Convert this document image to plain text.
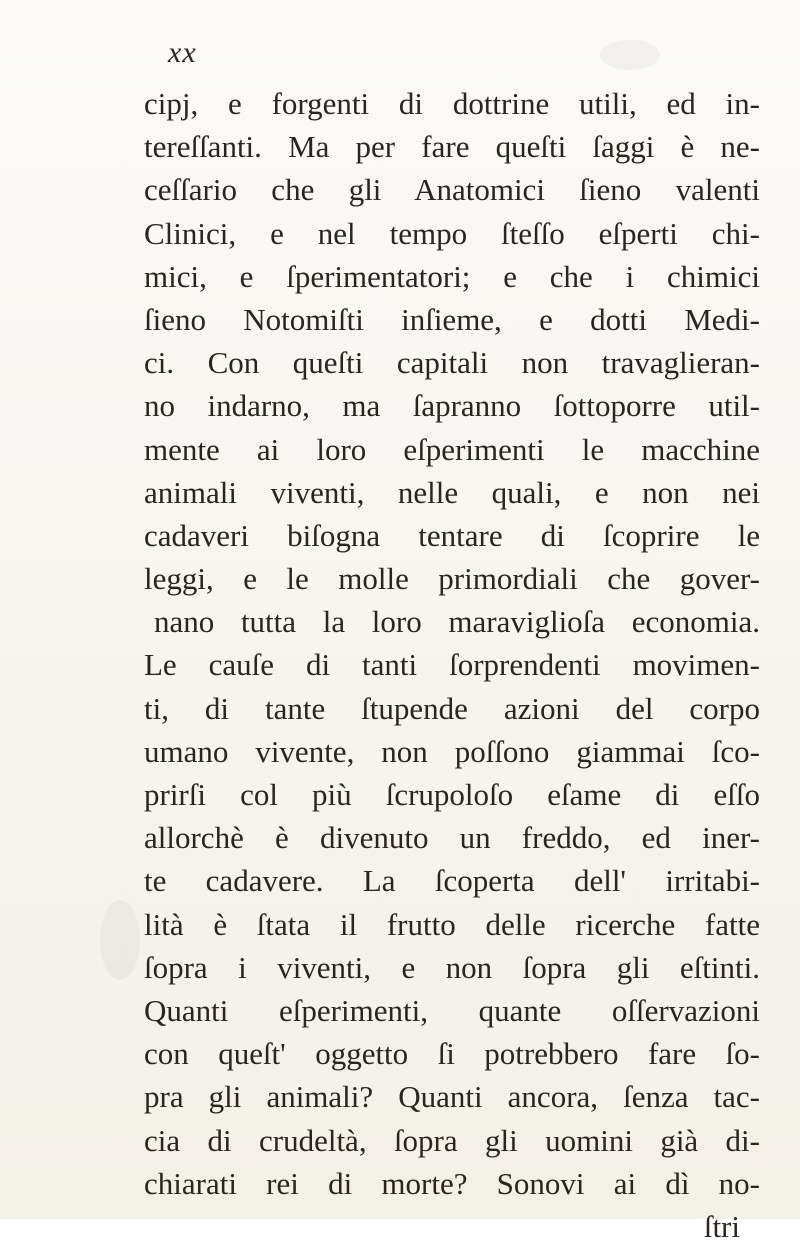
xx
cipj, e forgenti di dottrine utili, ed in-
tereſſanti. Ma per fare queſti ſaggi è ne-
ceſſario che gli Anatomici ſieno valenti
Clinici, e nel tempo ſteſſo eſperti chi-
mici, e ſperimentatori; e che i chimici
ſieno Notomiſti inſieme, e dotti Medi-
ci. Con queſti capitali non travaglieran-
no indarno, ma ſapranno ſottoporre util-
mente ai loro eſperimenti le macchine
animali viventi, nelle quali, e non nei
cadaveri biſogna tentare di ſcoprire le
leggi, e le molle primordiali che gover-
nano tutta la loro maraviglioſa economia.
Le cauſe di tanti ſorprendenti movimen-
ti, di tante ſtupende azioni del corpo
umano vivente, non poſſono giammai ſco-
prirſi col più ſcrupoloſo eſame di eſſo
allorchè è divenuto un freddo, ed iner-
te cadavere. La ſcoperta dell' irritabi-
lità è ſtata il frutto delle ricerche fatte
ſopra i viventi, e non ſopra gli eſtinti.
Quanti eſperimenti, quante oſſervazioni
con queſt' oggetto ſi potrebbero fare ſo-
pra gli animali? Quanti ancora, ſenza tac-
cia di crudeltà, ſopra gli uomini già di-
chiarati rei di morte? Sonovi ai dì no-
ſtri
